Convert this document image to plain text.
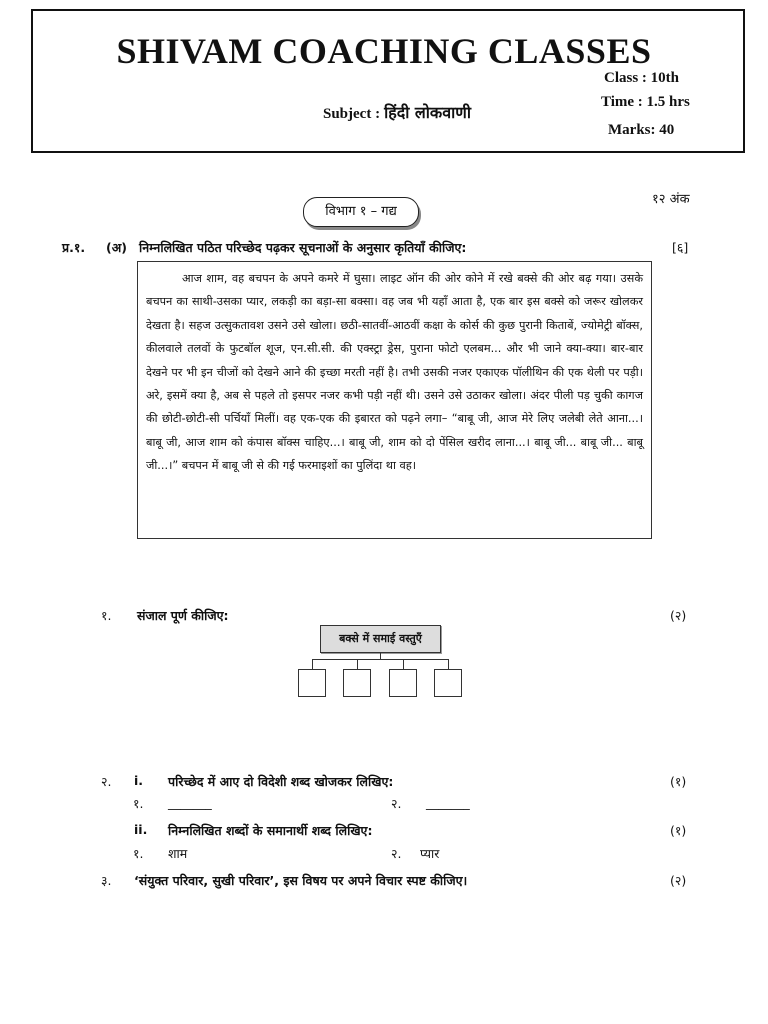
SHIVAM COACHING CLASSES
Class : 10th
Time : 1.5 hrs
Marks: 40
Subject : हिंदी लोकवाणी
विभाग १ – गद्य
१२ अंक
प्र.१. (अ) निम्नलिखित पठित परिच्छेद पढ़कर सूचनाओं के अनुसार कृतियाँ कीजिए:	[६]

आज शाम, वह बचपन के अपने कमरे में घुसा। लाइट ऑन की ओर कोने में रखे बक्से की ओर बढ़ गया। उसके बचपन का साथी-उसका प्यार, लकड़ी का बड़ा-सा बक्सा। वह जब भी यहाँ आता है, एक बार इस बक्से को जरूर खोलकर देखता है। सहज उत्सुकतावश उसने उसे खोला। छठी-सातवीं-आठवीं कक्षा के कोर्स की कुछ पुरानी किताबें, ज्योमेट्री बॉक्स, कीलवाले तलवों के फुटबॉल शूज, एन.सी.सी. की एक्स्ट्रा ड्रेस, पुराना फोटो एलबम... और भी जाने क्या-क्या। बार-बार देखने पर भी इन चीजों को देखने आने की इच्छा मरती नहीं है। तभी उसकी नजर एकाएक पॉलीथिन की एक थेली पर पड़ी। अरे, इसमें क्या है, अब से पहले तो इसपर नजर कभी पड़ी नहीं थी। उसने उसे उठाकर खोला। अंदर पीली पड़ चुकी कागज की छोटी-छोटी-सी पर्चियाँ मिलीं। वह एक-एक की इबारत को पढ़ने लगा– “बाबू जी, आज मेरे लिए जलेबी लेते आना...। बाबू जी, आज शाम को कंपास बॉक्स चाहिए...। बाबू जी, शाम को दो पेंसिल खरीद लाना...। बाबू जी... बाबू जी... बाबू जी...।” बचपन में बाबू जी से की गई फरमाइशों का पुलिंदा था वह।

१. संजाल पूर्ण कीजिए:	(२)
बक्से में समाई वस्तुएँ
२. i. परिच्छेद में आए दो विदेशी शब्द खोजकर लिखिए:	(१)
१. _______	२. _______
ii. निम्नलिखित शब्दों के समानार्थी शब्द लिखिए:	(१)
१. शाम	२. प्यार
३. ‘संयुक्त परिवार, सुखी परिवार’, इस विषय पर अपने विचार स्पष्ट कीजिए।	(२)
